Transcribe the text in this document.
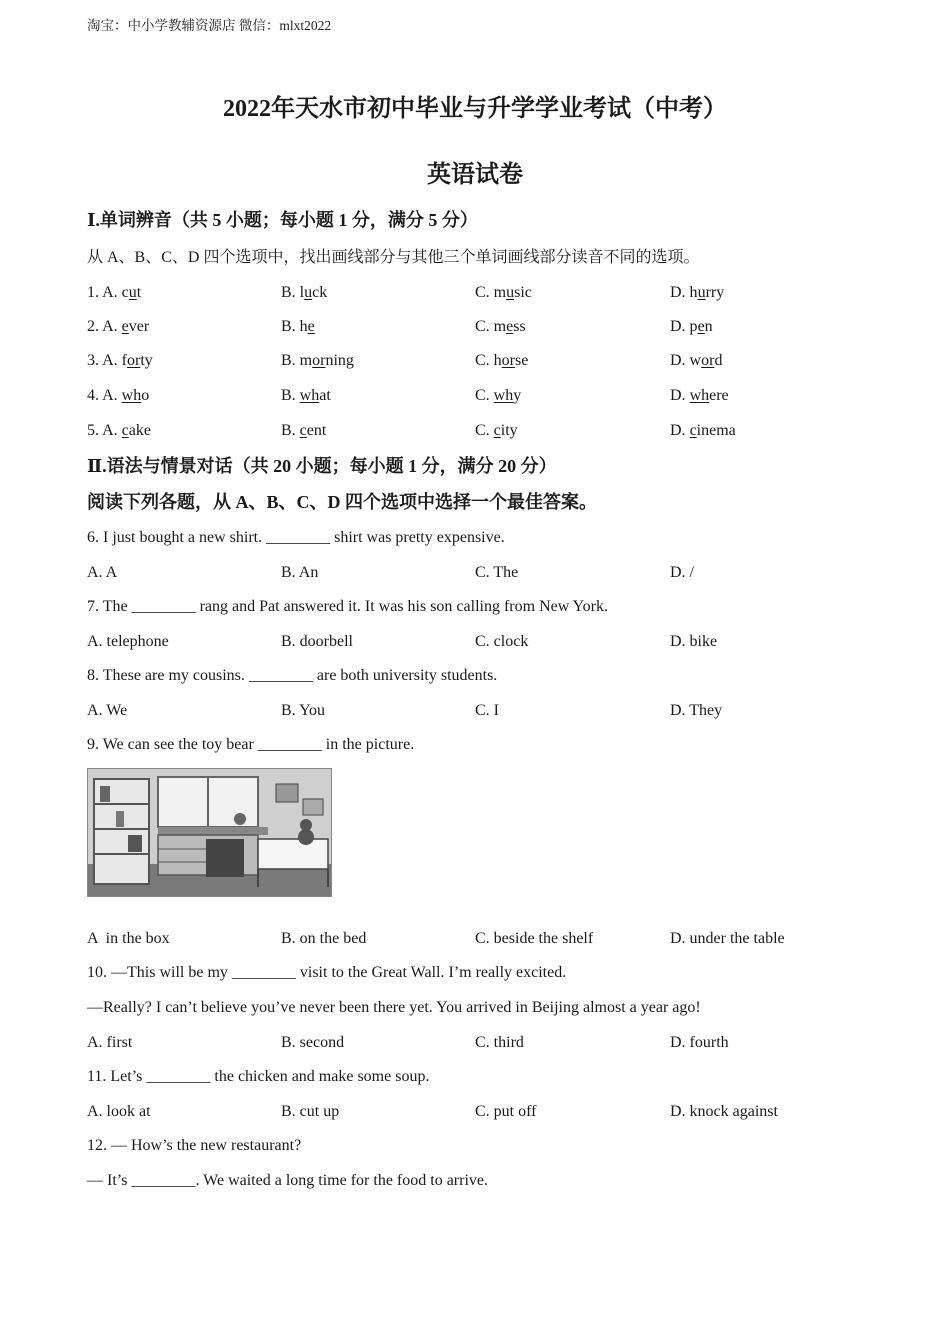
淘宝：中小学教辅资源店 微信：mlxt2022
2022年天水市初中毕业与升学学业考试（中考）
英语试卷
Ⅰ.单词辨音（共 5 小题；每小题 1 分，满分 5 分）
从 A、B、C、D 四个选项中，找出画线部分与其他三个单词画线部分读音不同的选项。
1. A. cut	B. luck	C. music	D. hurry
2. A. ever	B. he	C. mess	D. pen
3. A. forty	B. morning	C. horse	D. word
4. A. who	B. what	C. why	D. where
5. A. cake	B. cent	C. city	D. cinema
Ⅱ.语法与情景对话（共 20 小题；每小题 1 分，满分 20 分）
阅读下列各题，从 A、B、C、D 四个选项中选择一个最佳答案。
6. I just bought a new shirt. ________ shirt was pretty expensive.
A. A	B. An	C. The	D. /
7. The ________ rang and Pat answered it. It was his son calling from New York.
A. telephone	B. doorbell	C. clock	D. bike
8. These are my cousins. ________ are both university students.
A. We	B. You	C. I	D. They
9. We can see the toy bear ________ in the picture.
A  in the box	B. on the bed	C. beside the shelf	D. under the table
10. —This will be my ________ visit to the Great Wall. I’m really excited.
—Really? I can’t believe you’ve never been there yet. You arrived in Beijing almost a year ago!
A. first	B. second	C. third	D. fourth
11. Let’s ________ the chicken and make some soup.
A. look at	B. cut up	C. put off	D. knock against
12. — How’s the new restaurant?
— It’s ________. We waited a long time for the food to arrive.
